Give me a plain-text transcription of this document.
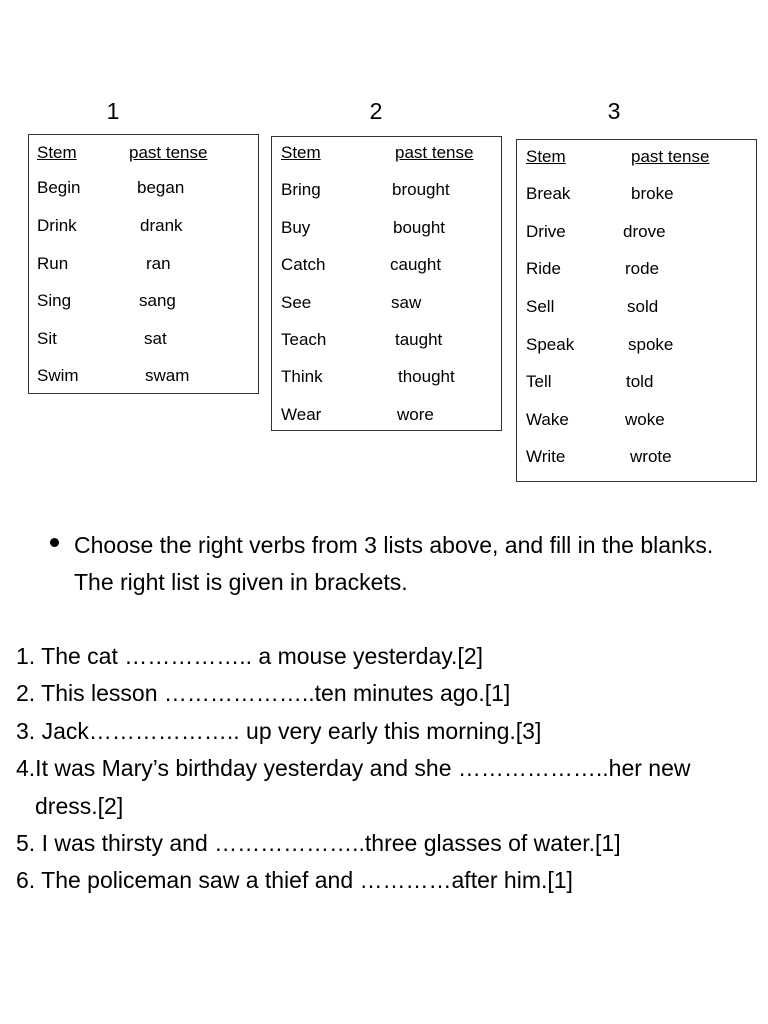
1	2	3
Stem	past tense
Begin	began
Drink	drank
Run	ran
Sing	sang
Sit	sat
Swim	swam
Stem	past tense
Bring	brought
Buy	bought
Catch	caught
See	saw
Teach	taught
Think	thought
Wear	wore
Stem	past tense
Break	broke
Drive	drove
Ride	rode
Sell	sold
Speak	spoke
Tell	told
Wake	woke
Write	wrote
Choose the right verbs from 3 lists above, and fill in the blanks.
The right list is given in brackets.
1. The cat …………….. a mouse yesterday.[2]
2. This lesson ………………..ten minutes ago.[1]
3. Jack……………….. up very early this morning.[3]
4.It was Mary’s birthday yesterday and she ………………..her new
dress.[2]
5. I was thirsty and ………………..three glasses of water.[1]
6. The policeman saw a thief and …………after him.[1]
